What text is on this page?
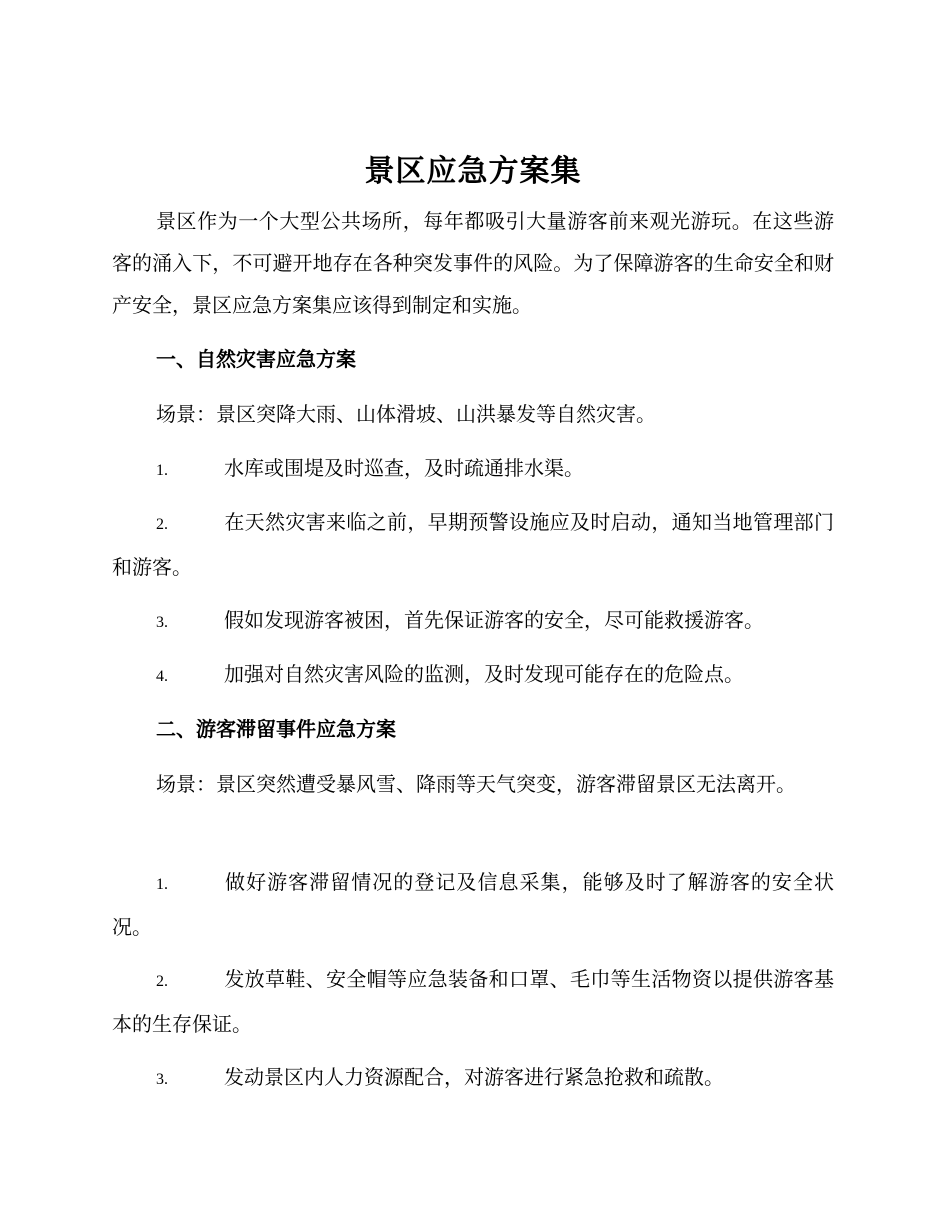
景区应急方案集

景区作为一个大型公共场所，每年都吸引大量游客前来观光游玩。在这些游客的涌入下，不可避开地存在各种突发事件的风险。为了保障游客的生命安全和财产安全，景区应急方案集应该得到制定和实施。

一、自然灾害应急方案

场景：景区突降大雨、山体滑坡、山洪暴发等自然灾害。

1.	水库或围堤及时巡查，及时疏通排水渠。

2.	在天然灾害来临之前，早期预警设施应及时启动，通知当地管理部门和游客。

3.	假如发现游客被困，首先保证游客的安全，尽可能救援游客。

4.	加强对自然灾害风险的监测，及时发现可能存在的危险点。

二、游客滞留事件应急方案

场景：景区突然遭受暴风雪、降雨等天气突变，游客滞留景区无法离开。

1.	做好游客滞留情况的登记及信息采集，能够及时了解游客的安全状况。

2.	发放草鞋、安全帽等应急装备和口罩、毛巾等生活物资以提供游客基本的生存保证。

3.	发动景区内人力资源配合，对游客进行紧急抢救和疏散。
